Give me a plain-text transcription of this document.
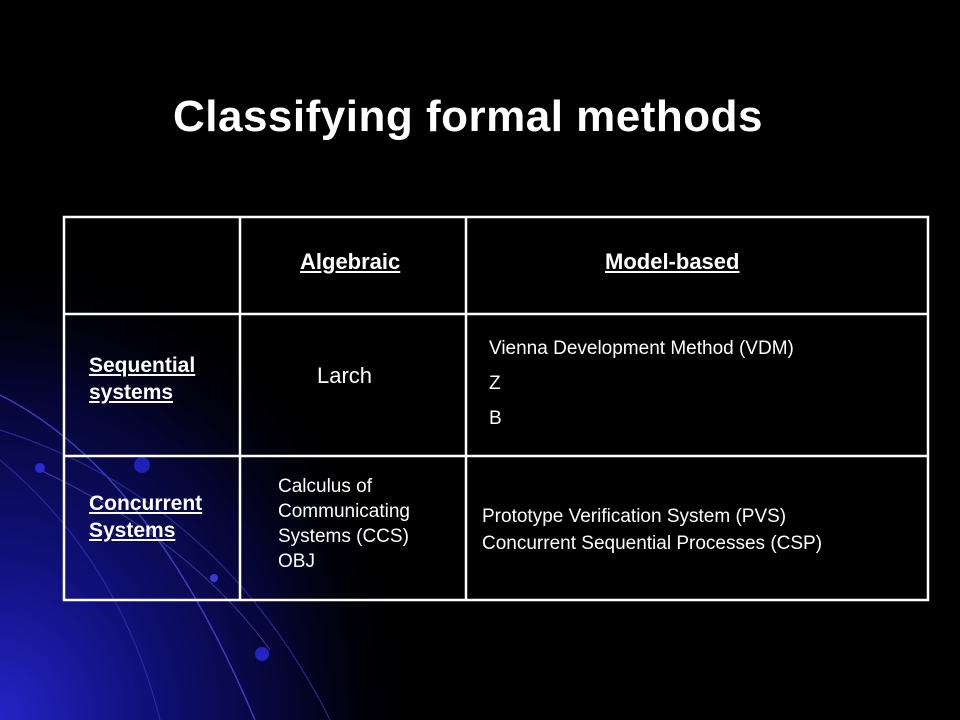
Classifying formal methods
Algebraic	Model-based
Sequential
systems
Larch
Vienna Development Method (VDM)
Z
B
Concurrent
Systems
Calculus of
Communicating
Systems (CCS)
OBJ
Prototype Verification System (PVS)
Concurrent Sequential Processes (CSP)
